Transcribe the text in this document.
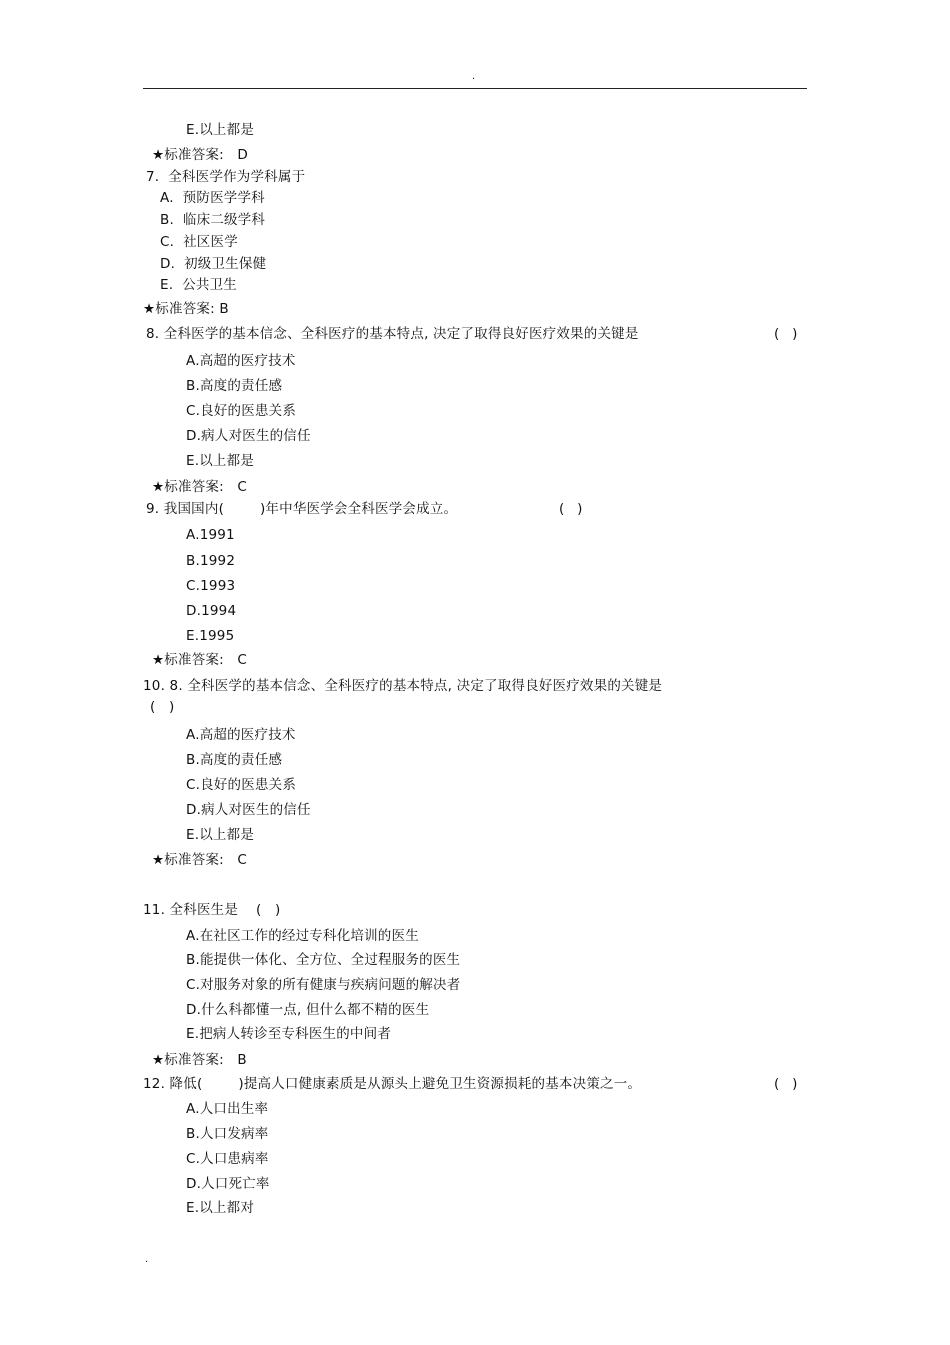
.
E.以上都是
★标准答案:   D
7.  全科医学作为学科属于
A.  预防医学学科
B.  临床二级学科
C.  社区医学
D.  初级卫生保健
E.  公共卫生
★标准答案: B
8. 全科医学的基本信念、全科医疗的基本特点, 决定了取得良好医疗效果的关键是	(   )
A.高超的医疗技术
B.高度的责任感
C.良好的医患关系
D.病人对医生的信任
E.以上都是
★标准答案:   C
9. 我国国内(        )年中华医学会全科医学会成立。	(   )
A.1991
B.1992
C.1993
D.1994
E.1995
★标准答案:   C
10. 8. 全科医学的基本信念、全科医疗的基本特点, 决定了取得良好医疗效果的关键是
(   )
A.高超的医疗技术
B.高度的责任感
C.良好的医患关系
D.病人对医生的信任
E.以上都是
★标准答案:   C
11. 全科医生是    (   )
A.在社区工作的经过专科化培训的医生
B.能提供一体化、全方位、全过程服务的医生
C.对服务对象的所有健康与疾病问题的解决者
D.什么科都懂一点, 但什么都不精的医生
E.把病人转诊至专科医生的中间者
★标准答案:   B
12. 降低(        )提高人口健康素质是从源头上避免卫生资源损耗的基本决策之一。	(   )
A.人口出生率
B.人口发病率
C.人口患病率
D.人口死亡率
E.以上都对
.
